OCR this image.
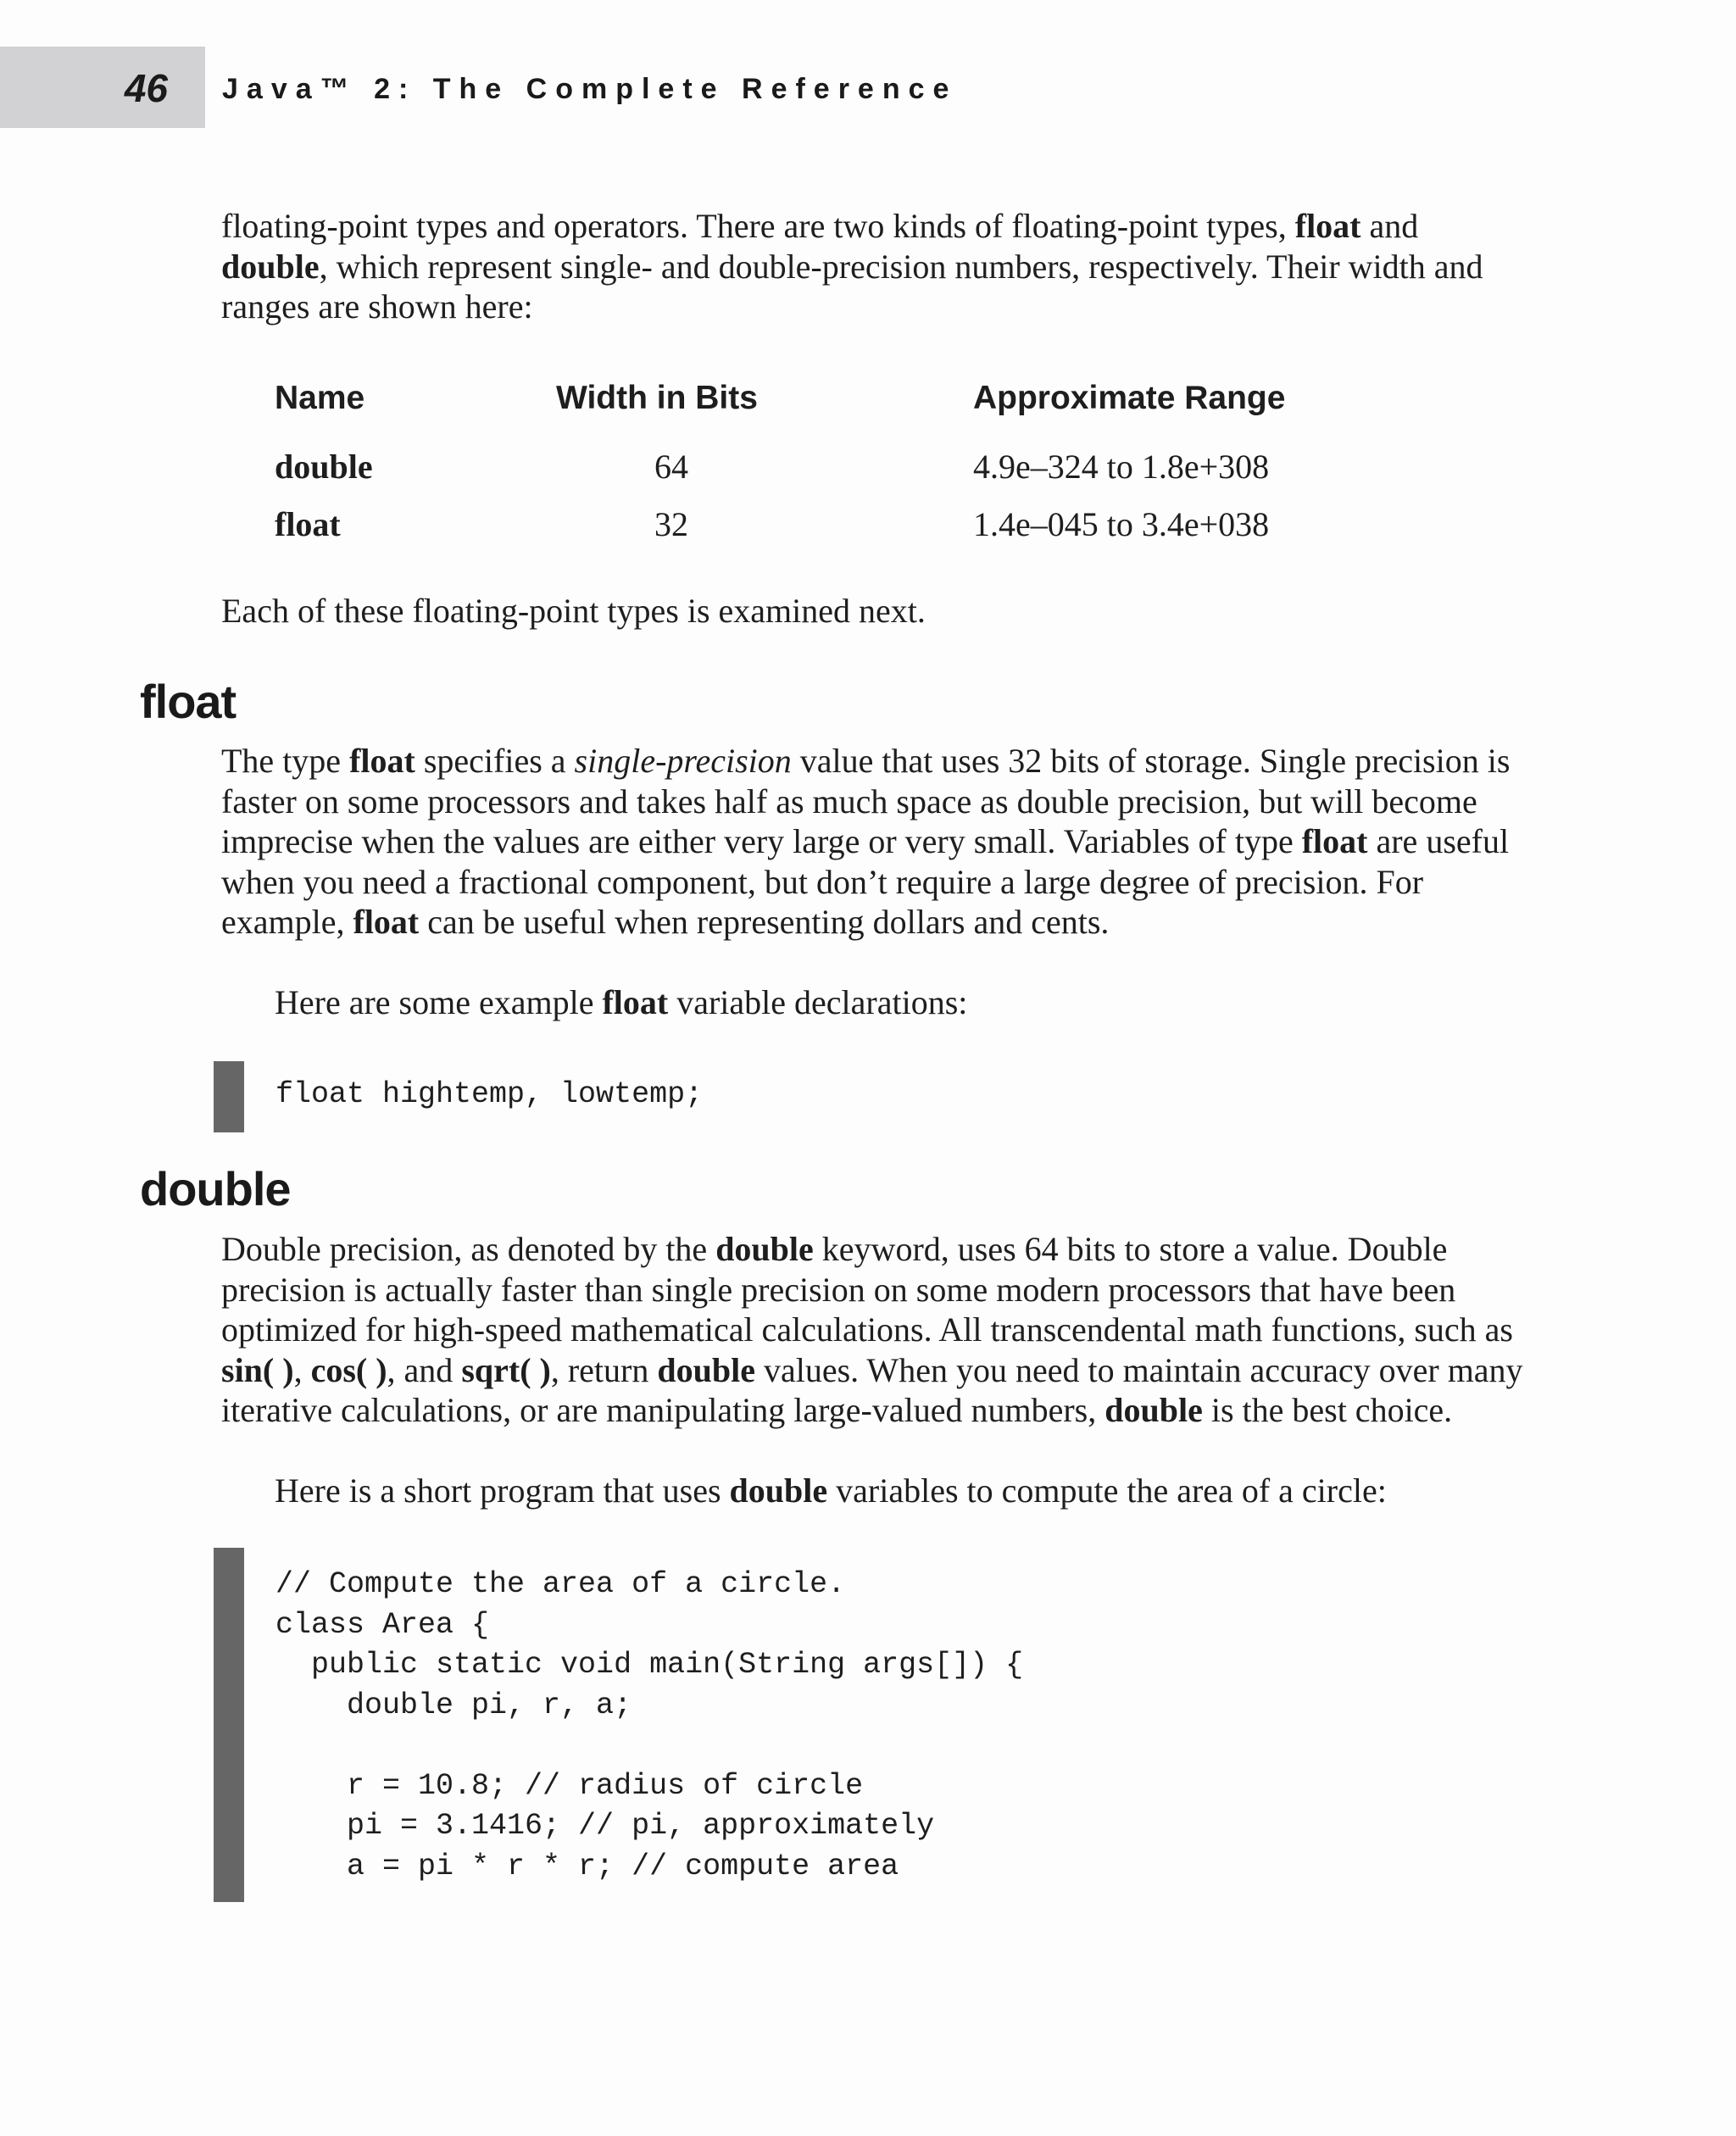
46 Java™ 2: The Complete Reference

floating-point types and operators. There are two kinds of floating-point types, float and double, which represent single- and double-precision numbers, respectively. Their width and ranges are shown here:

Name	Width in Bits	Approximate Range
double	64	4.9e–324 to 1.8e+308
float	32	1.4e–045 to 3.4e+038

Each of these floating-point types is examined next.

float

The type float specifies a single-precision value that uses 32 bits of storage. Single precision is faster on some processors and takes half as much space as double precision, but will become imprecise when the values are either very large or very small. Variables of type float are useful when you need a fractional component, but don’t require a large degree of precision. For example, float can be useful when representing dollars and cents.

Here are some example float variable declarations:

float hightemp, lowtemp;
double

Double precision, as denoted by the double keyword, uses 64 bits to store a value. Double precision is actually faster than single precision on some modern processors that have been optimized for high-speed mathematical calculations. All transcendental math functions, such as sin( ), cos( ), and sqrt( ), return double values. When you need to maintain accuracy over many iterative calculations, or are manipulating large-valued numbers, double is the best choice.

Here is a short program that uses double variables to compute the area of a circle:

// Compute the area of a circle.
class Area {
public static void main(String args[]) {
double pi, r, a;
r = 10.8; // radius of circle
pi = 3.1416; // pi, approximately
a = pi * r * r; // compute area
